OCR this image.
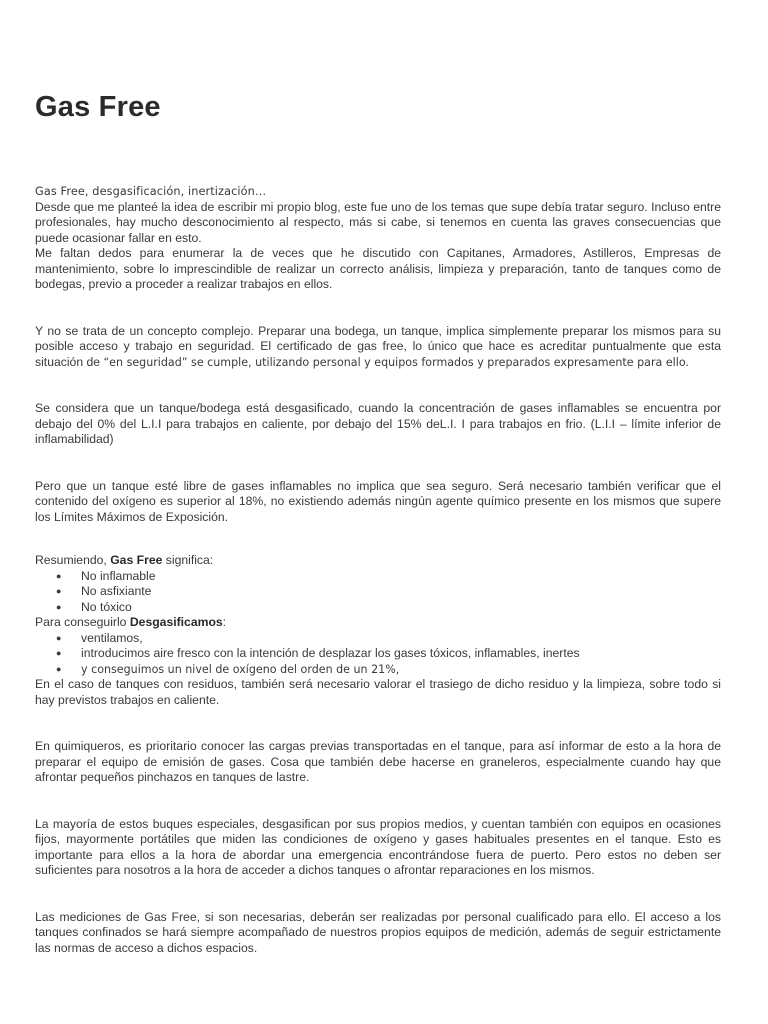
Gas Free

Gas Free, desgasificación, inertización…

Desde que me planteé la idea de escribir mi propio blog, este fue uno de los temas que supe debía tratar seguro. Incluso entre profesionales, hay mucho desconocimiento al respecto, más si cabe, si tenemos en cuenta las graves consecuencias que puede ocasionar fallar en esto.

Me faltan dedos para enumerar la de veces que he discutido con Capitanes, Armadores, Astilleros, Empresas de mantenimiento, sobre lo imprescindible de realizar un correcto análisis, limpieza y preparación, tanto de tanques como de bodegas, previo a proceder a realizar trabajos en ellos.

Y no se trata de un concepto complejo. Preparar una bodega, un tanque, implica simplemente preparar los mismos para su posible acceso y trabajo en seguridad. El certificado de gas free, lo único que hace es acreditar puntualmente que esta situación de “en seguridad” se cumple, utilizando personal y equipos formados y preparados expresamente para ello.

Se considera que un tanque/bodega está desgasificado, cuando la concentración de gases inflamables se encuentra por debajo del 0% del L.I.I para trabajos en caliente, por debajo del 15% deL.I. I para trabajos en frio. (L.I.I – límite inferior de inflamabilidad)

Pero que un tanque esté libre de gases inflamables no implica que sea seguro. Será necesario también verificar que el contenido del oxígeno es superior al 18%, no existiendo además ningún agente químico presente en los mismos que supere los Límites Máximos de Exposición.

Resumiendo, Gas Free significa:

● No inflamable
● No asfixiante
● No tóxico

Para conseguirlo Desgasificamos:

● ventilamos,
● introducimos aire fresco con la intención de desplazar los gases tóxicos, inflamables, inertes
● y conseguimos un nivel de oxígeno del orden de un 21%,

En el caso de tanques con residuos, también será necesario valorar el trasiego de dicho residuo y la limpieza, sobre todo si hay previstos trabajos en caliente.

En quimiqueros, es prioritario conocer las cargas previas transportadas en el tanque, para así informar de esto a la hora de preparar el equipo de emisión de gases. Cosa que también debe hacerse en graneleros, especialmente cuando hay que afrontar pequeños pinchazos en tanques de lastre.

La mayoría de estos buques especiales, desgasifican por sus propios medios, y cuentan también con equipos en ocasiones fijos, mayormente portátiles que miden las condiciones de oxígeno y gases habituales presentes en el tanque. Esto es importante para ellos a la hora de abordar una emergencia encontrándose fuera de puerto. Pero estos no deben ser suficientes para nosotros a la hora de acceder a dichos tanques o afrontar reparaciones en los mismos.

Las mediciones de Gas Free, si son necesarias, deberán ser realizadas por personal cualificado para ello. El acceso a los tanques confinados se hará siempre acompañado de nuestros propios equipos de medición, además de seguir estrictamente las normas de acceso a dichos espacios.
